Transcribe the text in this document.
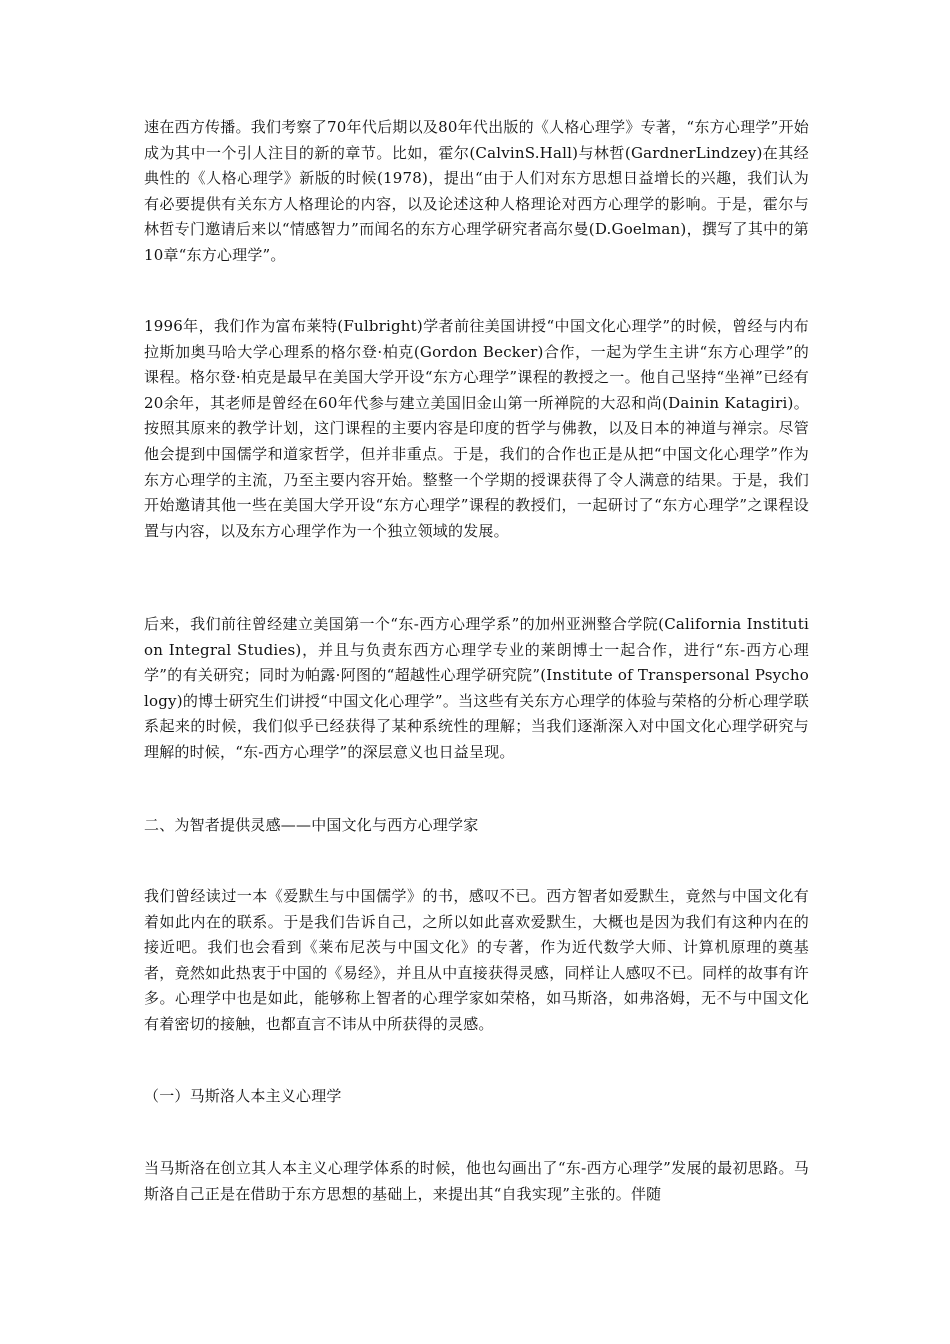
速在西方传播。我们考察了70年代后期以及80年代出版的《人格心理学》专著，“东方心理学”开始成为其中一个引人注目的新的章节。比如，霍尔(CalvinS.Hall)与林哲(GardnerLindzey)在其经典性的《人格心理学》新版的时候(1978)，提出“由于人们对东方思想日益增长的兴趣，我们认为有必要提供有关东方人格理论的内容，以及论述这种人格理论对西方心理学的影响。于是，霍尔与林哲专门邀请后来以“情感智力”而闻名的东方心理学研究者高尔曼(D.Goelman)，撰写了其中的第10章“东方心理学”。

1996年，我们作为富布莱特(Fulbright)学者前往美国讲授“中国文化心理学”的时候，曾经与内布拉斯加奥马哈大学心理系的格尔登·柏克(Gordon Becker)合作，一起为学生主讲“东方心理学”的课程。格尔登·柏克是最早在美国大学开设“东方心理学”课程的教授之一。他自己坚持“坐禅”已经有20余年，其老师是曾经在60年代参与建立美国旧金山第一所禅院的大忍和尚(Dainin Katagiri)。按照其原来的教学计划，这门课程的主要内容是印度的哲学与佛教，以及日本的神道与禅宗。尽管他会提到中国儒学和道家哲学，但并非重点。于是，我们的合作也正是从把“中国文化心理学”作为东方心理学的主流，乃至主要内容开始。整整一个学期的授课获得了令人满意的结果。于是，我们开始邀请其他一些在美国大学开设“东方心理学”课程的教授们，一起研讨了“东方心理学”之课程设置与内容，以及东方心理学作为一个独立领域的发展。

后来，我们前往曾经建立美国第一个“东-西方心理学系”的加州亚洲整合学院(California Institution Integral Studies)，并且与负责东西方心理学专业的莱朗博士一起合作，进行“东-西方心理学”的有关研究；同时为帕露·阿图的“超越性心理学研究院”(Institute of Transpersonal Psychology)的博士研究生们讲授“中国文化心理学”。当这些有关东方心理学的体验与荣格的分析心理学联系起来的时候，我们似乎已经获得了某种系统性的理解；当我们逐渐深入对中国文化心理学研究与理解的时候，“东-西方心理学”的深层意义也日益呈现。

二、为智者提供灵感——中国文化与西方心理学家

我们曾经读过一本《爱默生与中国儒学》的书，感叹不已。西方智者如爱默生，竟然与中国文化有着如此内在的联系。于是我们告诉自己，之所以如此喜欢爱默生，大概也是因为我们有这种内在的接近吧。我们也会看到《莱布尼茨与中国文化》的专著，作为近代数学大师、计算机原理的奠基者，竟然如此热衷于中国的《易经》，并且从中直接获得灵感，同样让人感叹不已。同样的故事有许多。心理学中也是如此，能够称上智者的心理学家如荣格，如马斯洛，如弗洛姆，无不与中国文化有着密切的接触，也都直言不讳从中所获得的灵感。

（一）马斯洛人本主义心理学

当马斯洛在创立其人本主义心理学体系的时候，他也勾画出了“东-西方心理学”发展的最初思路。马斯洛自己正是在借助于东方思想的基础上，来提出其“自我实现”主张的。伴随
